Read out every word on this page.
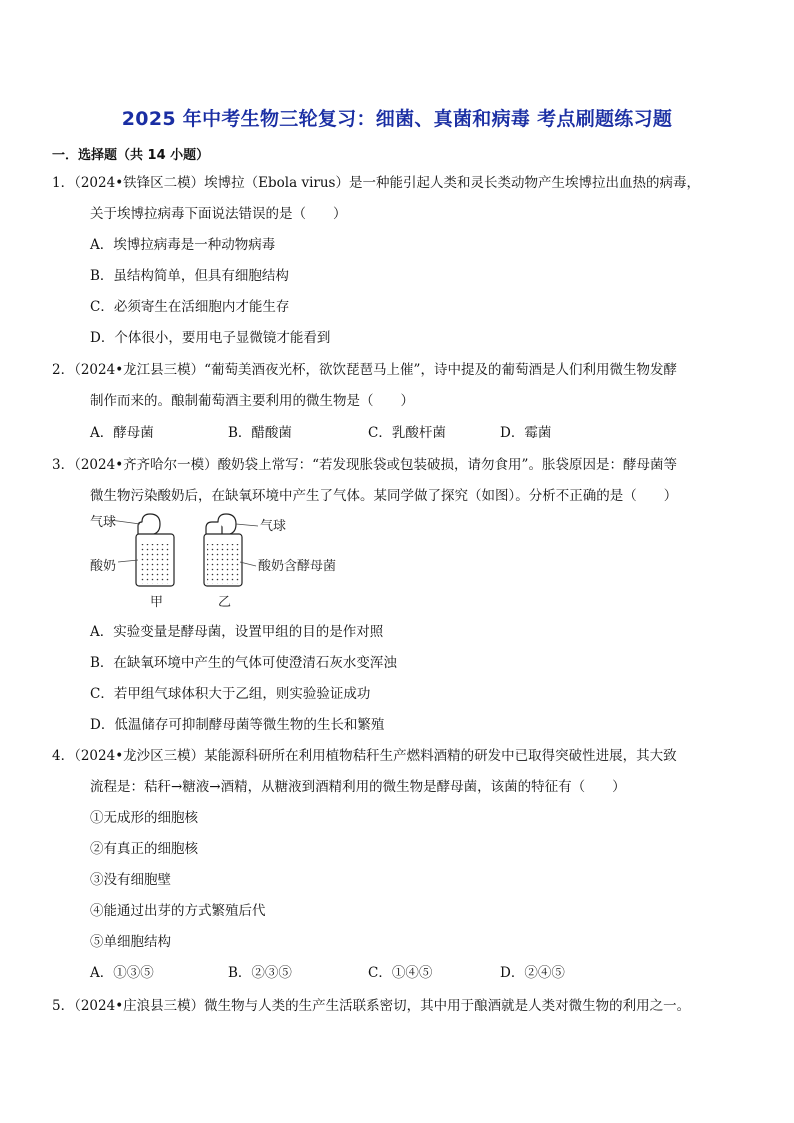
2025 年中考生物三轮复习：细菌、真菌和病毒 考点刷题练习题
一．选择题（共 14 小题）
1．（2024•铁锋区二模）埃博拉（Ebola virus）是一种能引起人类和灵长类动物产生埃博拉出血热的病毒，
关于埃博拉病毒下面说法错误的是（　　）
A．埃博拉病毒是一种动物病毒
B．虽结构简单，但具有细胞结构
C．必须寄生在活细胞内才能生存
D．个体很小，要用电子显微镜才能看到
2．（2024•龙江县三模）“葡萄美酒夜光杯，欲饮琵琶马上催”，诗中提及的葡萄酒是人们利用微生物发酵
制作而来的。酿制葡萄酒主要利用的微生物是（　　）
A．酵母菌	B．醋酸菌	C．乳酸杆菌	D．霉菌
3．（2024•齐齐哈尔一模）酸奶袋上常写：“若发现胀袋或包装破损，请勿食用”。胀袋原因是：酵母菌等
微生物污染酸奶后，在缺氧环境中产生了气体。某同学做了探究（如图）。分析不正确的是（　　）
气球	气球
酸奶	酸奶含酵母菌
甲	乙
A．实验变量是酵母菌，设置甲组的目的是作对照
B．在缺氧环境中产生的气体可使澄清石灰水变浑浊
C．若甲组气球体积大于乙组，则实验验证成功
D．低温储存可抑制酵母菌等微生物的生长和繁殖
4．（2024•龙沙区三模）某能源科研所在利用植物秸秆生产燃料酒精的研发中已取得突破性进展，其大致
流程是：秸秆→糖液→酒精，从糖液到酒精利用的微生物是酵母菌，该菌的特征有（　　）
①无成形的细胞核
②有真正的细胞核
③没有细胞壁
④能通过出芽的方式繁殖后代
⑤单细胞结构
A．①③⑤	B．②③⑤	C．①④⑤	D．②④⑤
5．（2024•庄浪县三模）微生物与人类的生产生活联系密切，其中用于酿酒就是人类对微生物的利用之一。
